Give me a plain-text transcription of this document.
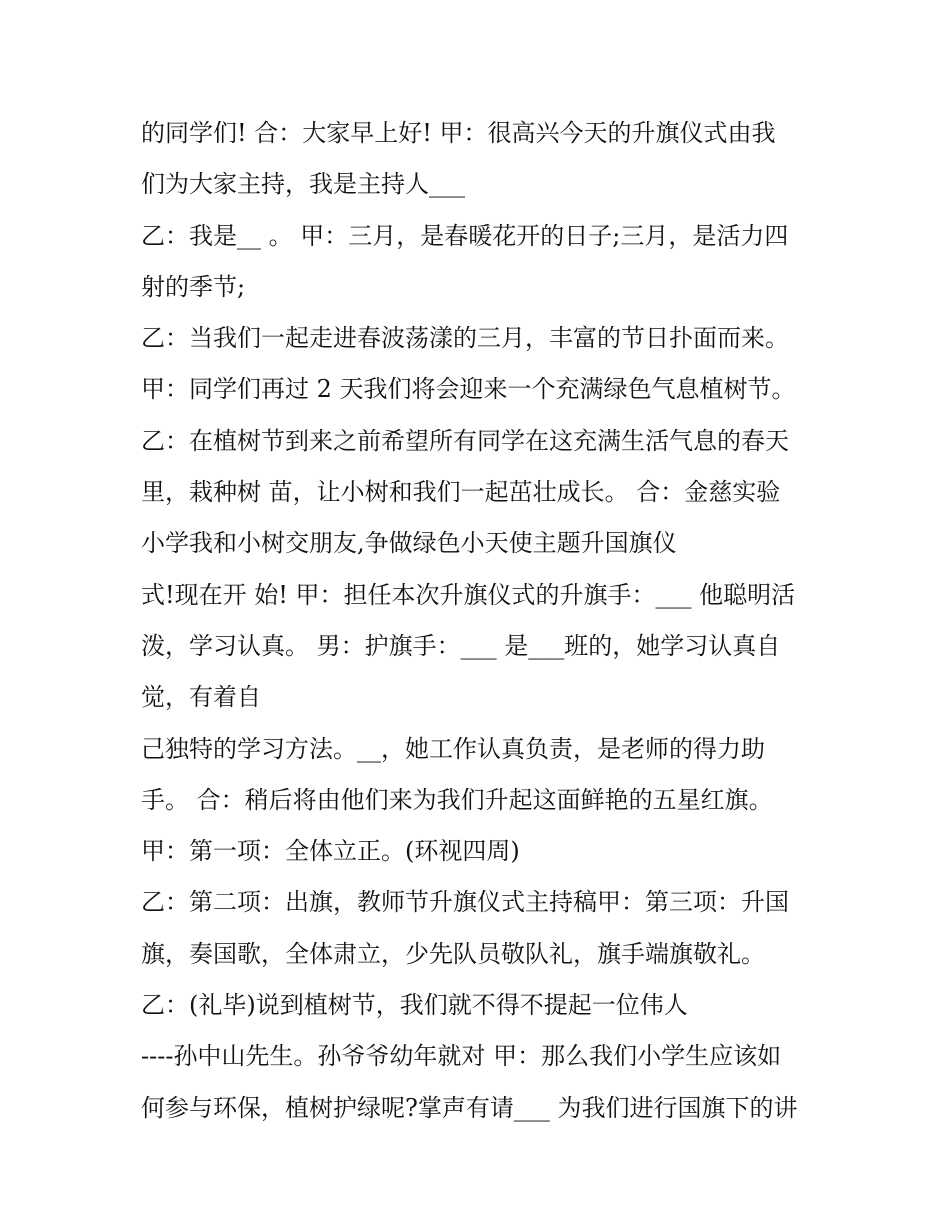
的同学们! 合：大家早上好! 甲：很高兴今天的升旗仪式由我
们为大家主持，我是主持人___
乙：我是__ 。 甲：三月，是春暖花开的日子;三月，是活力四
射的季节;
乙：当我们一起走进春波荡漾的三月，丰富的节日扑面而来。
甲：同学们再过 2 天我们将会迎来一个充满绿色气息植树节。
乙：在植树节到来之前希望所有同学在这充满生活气息的春天
里，栽种树 苗，让小树和我们一起茁壮成长。 合：金慈实验
小学我和小树交朋友,争做绿色小天使主题升国旗仪
式!现在开 始! 甲：担任本次升旗仪式的升旗手：___ 他聪明活
泼，学习认真。 男：护旗手：___ 是___班的，她学习认真自
觉，有着自
己独特的学习方法。__，她工作认真负责，是老师的得力助
手。 合：稍后将由他们来为我们升起这面鲜艳的五星红旗。
甲：第一项：全体立正。(环视四周)
乙：第二项：出旗，教师节升旗仪式主持稿甲：第三项：升国
旗，奏国歌，全体肃立，少先队员敬队礼，旗手端旗敬礼。
乙：(礼毕)说到植树节，我们就不得不提起一位伟人
----孙中山先生。孙爷爷幼年就对 甲：那么我们小学生应该如
何参与环保，植树护绿呢?掌声有请___ 为我们进行国旗下的讲
